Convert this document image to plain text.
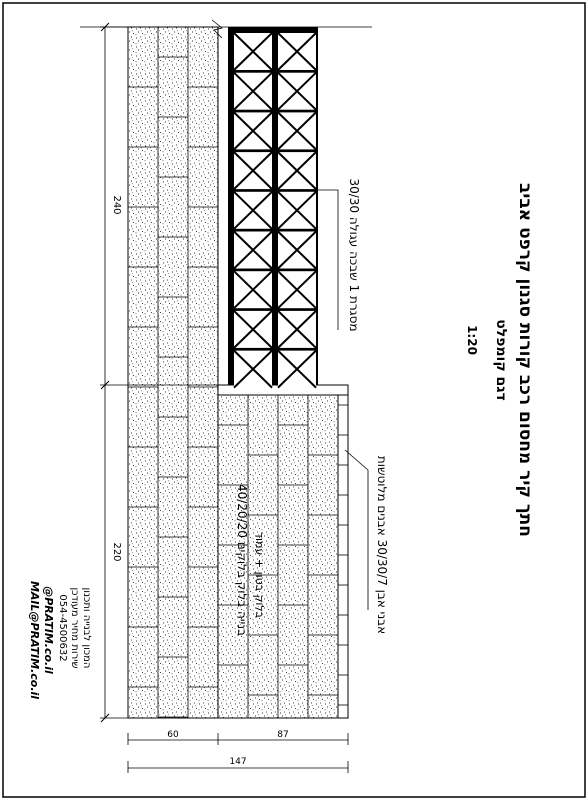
240
220
60	87
147
30/30 מסגרת 1 שבכה עגולה
אבני אבן 30/30/7 אבנים מלוטשות
40/20/20 בנייה בלוק בלוקים בלוק בטון + עמוד
חתך קיר מחסום רכב קורות סגנון קרפט אביב
דגם קומפלט
1:20
המכון לבנייה ותכנון
שירות מחיר מעודכן
054-4500632
@PRATIM.co.il
MAIL@PRATIM.co.il
